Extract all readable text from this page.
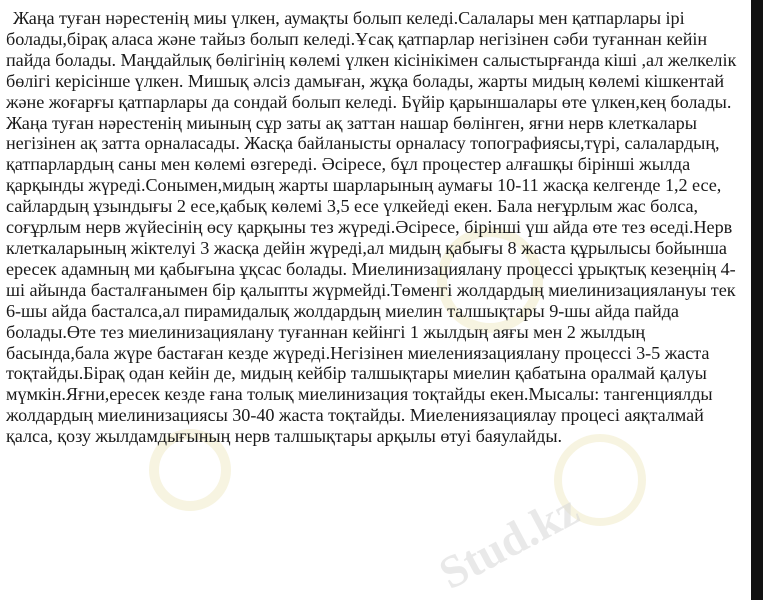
Stud.kz

Жаңа туған нәрестенің миы үлкен, аумақты болып келеді.Салалары мен қатпарлары ірі болады,бірақ аласа және тайыз болып келеді.Ұсақ қатпарлар негізінен сәби туғаннан кейін пайда болады. Маңдайлық бөлігінің көлемі үлкен кісінікімен салыстырғанда кіші ,ал желкелік бөлігі керісінше үлкен. Мишық әлсіз дамыған, жұқа болады, жарты мидың көлемі кішкентай және жоғарғы қатпарлары да сондай болып келеді. Бүйір қарыншалары өте үлкен,кең болады. Жаңа туған нәрестенің миының сұр заты ақ заттан нашар бөлінген, яғни нерв клеткалары негізінен ақ затта орналасады. Жасқа байланысты орналасу топографиясы,түрі, салалардың, қатпарлардың саны мен көлемі өзгереді. Әсіресе, бұл процестер алғашқы бірінші жылда қарқынды жүреді.Сонымен,мидың жарты шарларының аумағы 10-11 жасқа келгенде 1,2 есе, сайлардың ұзындығы 2 есе,қабық көлемі 3,5 есе үлкейеді екен. Бала неғұрлым жас болса, соғұрлым нерв жүйесінің өсу қарқыны тез жүреді.Әсіресе, бірінші үш айда өте тез өседі.Нерв клеткаларының жіктелуі 3 жасқа дейін жүреді,ал мидың қабығы 8 жаста құрылысы бойынша ересек адамның ми қабығына ұқсас болады. Миелинизациялану процессі ұрықтық кезеңнің 4-ші айында басталғанымен бір қалыпты жүрмейді.Төменгі жолдардың миелинизациялануы тек 6-шы айда басталса,ал пирамидалық жолдардың миелин талшықтары 9-шы айда пайда болады.Өте тез миелинизациялану туғаннан кейінгі 1 жылдың аяғы мен 2 жылдың басында,бала жүре бастаған кезде жүреді.Негізінен миелениязациялану процессі 3-5 жаста тоқтайды.Бірақ одан кейін де, мидың кейбір талшықтары миелин қабатына оралмай қалуы мүмкін.Яғни,ересек кезде ғана толық миелинизация тоқтайды екен.Мысалы: тангенциялды жолдардың миелинизациясы 30-40 жаста тоқтайды. Миелениязациялау процесі аяқталмай қалса, қозу жылдамдығының нерв талшықтары арқылы өтуі баяулайды.
